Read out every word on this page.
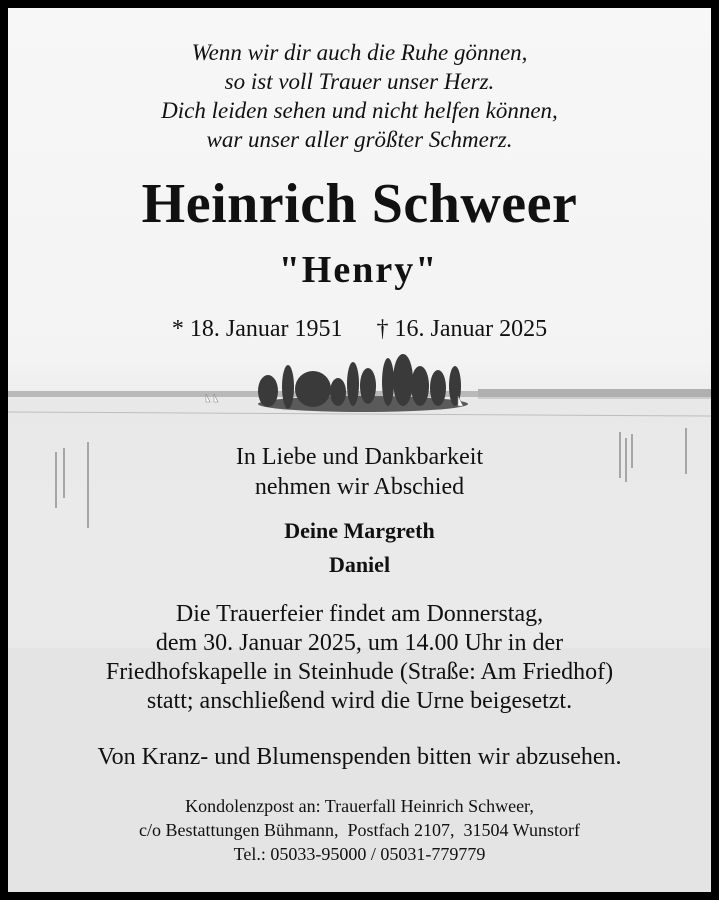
Wenn wir dir auch die Ruhe gönnen,
so ist voll Trauer unser Herz.
Dich leiden sehen und nicht helfen können,
war unser aller größter Schmerz.
Heinrich Schweer
"Henry"
* 18. Januar 1951 † 16. Januar 2025
In Liebe und Dankbarkeit
nehmen wir Abschied
Deine Margreth
Daniel
Die Trauerfeier findet am Donnerstag,
dem 30. Januar 2025, um 14.00 Uhr in der
Friedhofskapelle in Steinhude (Straße: Am Friedhof)
statt; anschließend wird die Urne beigesetzt.
Von Kranz- und Blumenspenden bitten wir abzusehen.
Kondolenzpost an: Trauerfall Heinrich Schweer,
c/o Bestattungen Bühmann,  Postfach 2107,  31504 Wunstorf
Tel.: 05033-95000 / 05031-779779
